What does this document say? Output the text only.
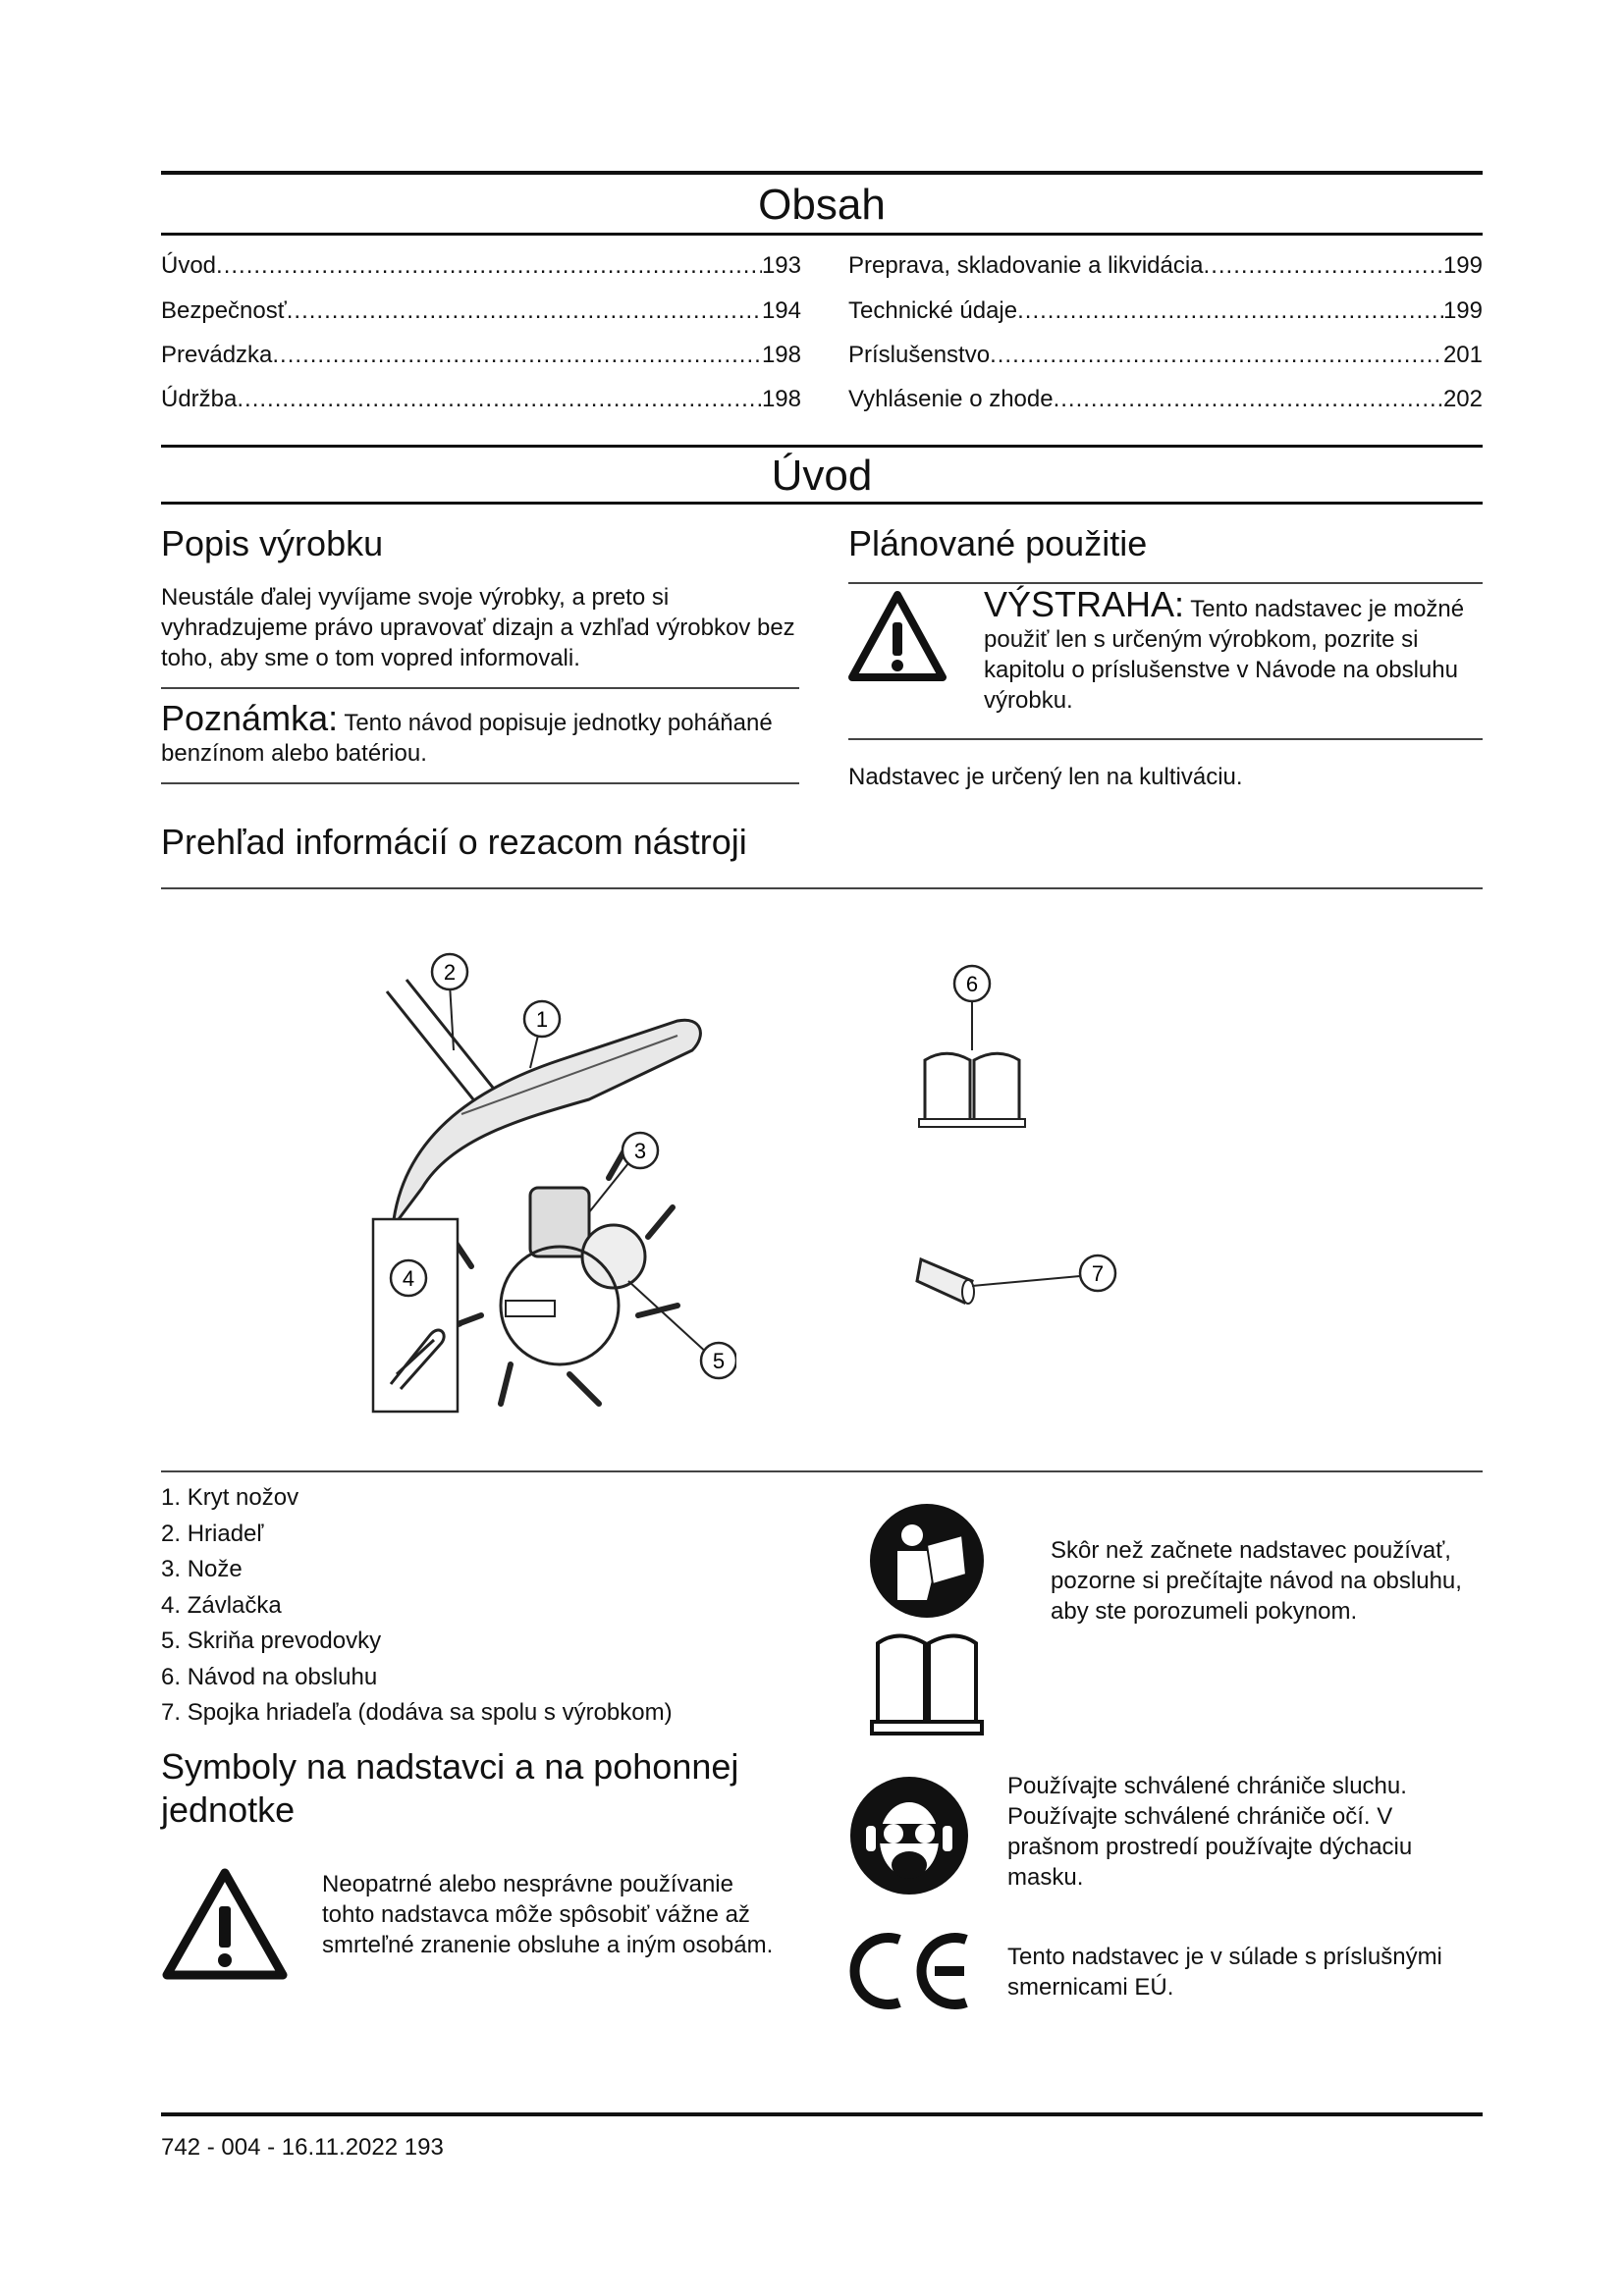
Obsah
Úvod .....	193
Bezpečnosť .....	194
Prevádzka .....	198
Údržba .....	198
Preprava, skladovanie a likvidácia .....	199
Technické údaje .....	199
Príslušenstvo .....	201
Vyhlásenie o zhode .....	202
Úvod
Popis výrobku
Neustále ďalej vyvíjame svoje výrobky, a preto si vyhradzujeme právo upravovať dizajn a vzhľad výrobkov bez toho, aby sme o tom vopred informovali.
Poznámka: Tento návod popisuje jednotky poháňané benzínom alebo batériou.
Plánované použitie
VÝSTRAHA: Tento nadstavec je možné použiť len s určeným výrobkom, pozrite si kapitolu o príslušenstve v Návode na obsluhu výrobku.
Nadstavec je určený len na kultiváciu.
Prehľad informácií o rezacom nástroji
2
1
3
5
4
6
7
1. Kryt nožov
2. Hriadeľ
3. Nože
4. Závlačka
5. Skriňa prevodovky
6. Návod na obsluhu
7. Spojka hriadeľa (dodáva sa spolu s výrobkom)
Symboly na nadstavci a na pohonnej jednotke
Neopatrné alebo nesprávne používanie tohto nadstavca môže spôsobiť vážne až smrteľné zranenie obsluhe a iným osobám.
Skôr než začnete nadstavec používať, pozorne si prečítajte návod na obsluhu, aby ste porozumeli pokynom.
Používajte schválené chrániče sluchu. Používajte schválené chrániče očí. V prašnom prostredí používajte dýchaciu masku.
Tento nadstavec je v súlade s príslušnými smernicami EÚ.
742 - 004 - 16.11.2022 193
